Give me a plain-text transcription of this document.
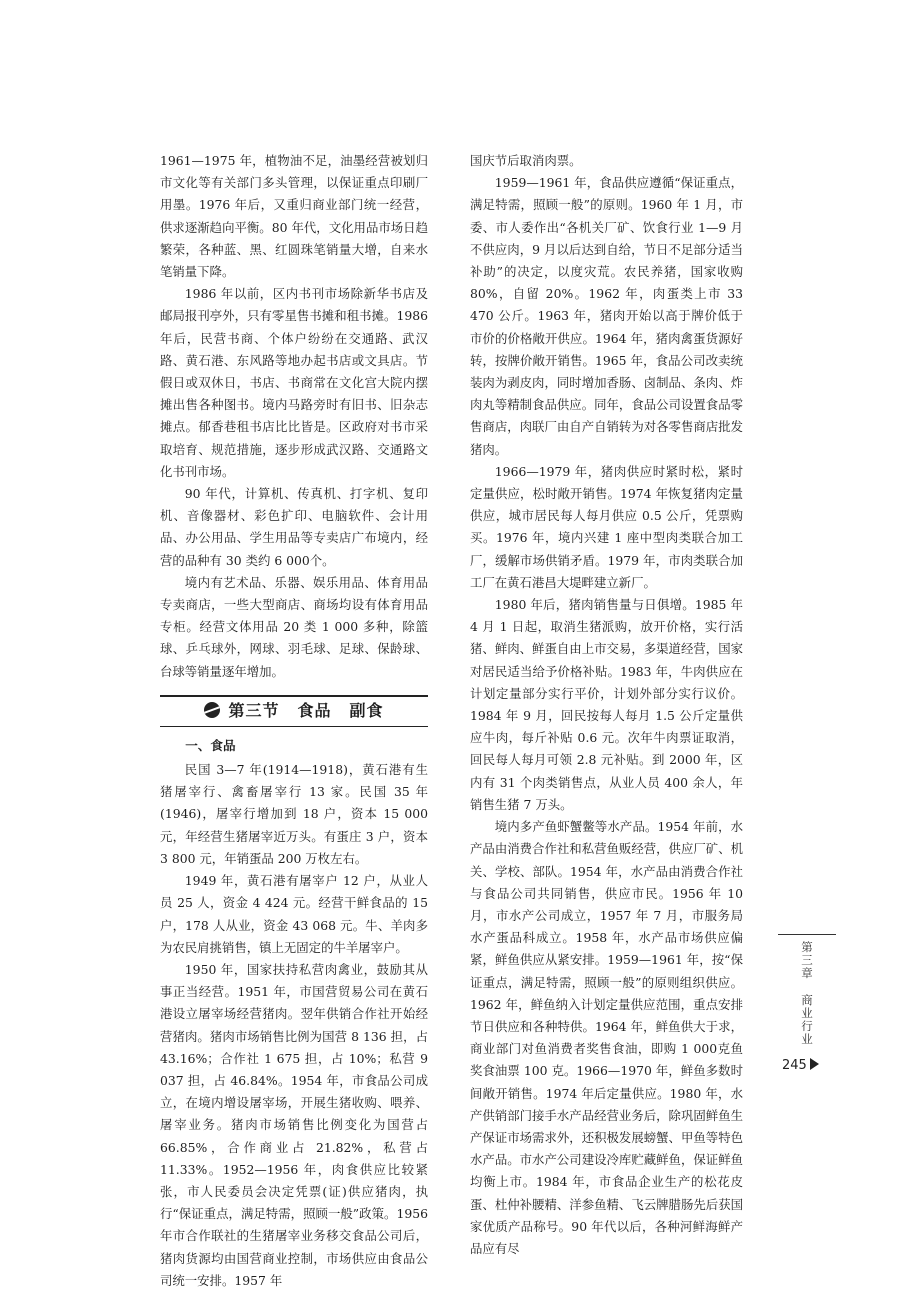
1961—1975 年，植物油不足，油墨经营被划归市文化等有关部门多头管理，以保证重点印刷厂用墨。1976 年后，又重归商业部门统一经营，供求逐渐趋向平衡。80 年代，文化用品市场日趋繁荣，各种蓝、黑、红圆珠笔销量大增，自来水笔销量下降。

1986 年以前，区内书刊市场除新华书店及邮局报刊亭外，只有零星售书摊和租书摊。1986 年后，民营书商、个体户纷纷在交通路、武汉路、黄石港、东风路等地办起书店或文具店。节假日或双休日，书店、书商常在文化宫大院内摆摊出售各种图书。境内马路旁时有旧书、旧杂志摊点。郁香巷租书店比比皆是。区政府对书市采取培育、规范措施，逐步形成武汉路、交通路文化书刊市场。

90 年代，计算机、传真机、打字机、复印机、音像器材、彩色扩印、电脑软件、会计用品、办公用品、学生用品等专卖店广布境内，经营的品种有 30 类约 6 000个。

境内有艺术品、乐器、娱乐用品、体育用品专卖商店，一些大型商店、商场均设有体育用品专柜。经营文体用品 20 类 1 000 多种，除篮球、乒乓球外，网球、羽毛球、足球、保龄球、台球等销量逐年增加。

第三节 食品 副食
一、食品

民国 3—7 年(1914—1918)，黄石港有生猪屠宰行、禽畜屠宰行 13 家。民国 35 年(1946)，屠宰行增加到 18 户，资本 15 000 元，年经营生猪屠宰近万头。有蛋庄 3 户，资本 3 800 元，年销蛋品 200 万枚左右。

1949 年，黄石港有屠宰户 12 户，从业人员 25 人，资金 4 424 元。经营干鲜食品的 15 户，178 人从业，资金 43 068 元。牛、羊肉多为农民肩挑销售，镇上无固定的牛羊屠宰户。

1950 年，国家扶持私营肉禽业，鼓励其从事正当经营。1951 年，市国营贸易公司在黄石港设立屠宰场经营猪肉。翌年供销合作社开始经营猪肉。猪肉市场销售比例为国营 8 136 担，占 43.16%；合作社 1 675 担，占 10%；私营 9 037 担，占 46.84%。1954 年，市食品公司成立，在境内增设屠宰场，开展生猪收购、喂养、屠宰业务。猪肉市场销售比例变化为国营占 66.85%，合作商业占 21.82%，私营占 11.33%。1952—1956 年，肉食供应比较紧张，市人民委员会决定凭票(证)供应猪肉，执行“保证重点，满足特需，照顾一般”政策。1956 年市合作联社的生猪屠宰业务移交食品公司后，猪肉货源均由国营商业控制，市场供应由食品公司统一安排。1957 年

国庆节后取消肉票。

1959—1961 年，食品供应遵循“保证重点，满足特需，照顾一般”的原则。1960 年 1 月，市委、市人委作出“各机关厂矿、饮食行业 1—9 月不供应肉，9 月以后达到自给，节日不足部分适当补助”的决定，以度灾荒。农民养猪，国家收购 80%，自留 20%。1962 年，肉蛋类上市 33 470 公斤。1963 年，猪肉开始以高于牌价低于市价的价格敞开供应。1964 年，猪肉禽蛋货源好转，按牌价敞开销售。1965 年，食品公司改卖统装肉为剥皮肉，同时增加香肠、卤制品、条肉、炸肉丸等精制食品供应。同年，食品公司设置食品零售商店，肉联厂由自产自销转为对各零售商店批发猪肉。

1966—1979 年，猪肉供应时紧时松，紧时定量供应，松时敞开销售。1974 年恢复猪肉定量供应，城市居民每人每月供应 0.5 公斤，凭票购买。1976 年，境内兴建 1 座中型肉类联合加工厂，缓解市场供销矛盾。1979 年，市肉类联合加工厂在黄石港昌大堤畔建立新厂。

1980 年后，猪肉销售量与日俱增。1985 年 4 月 1 日起，取消生猪派购，放开价格，实行活猪、鲜肉、鲜蛋自由上市交易，多渠道经营，国家对居民适当给予价格补贴。1983 年，牛肉供应在计划定量部分实行平价，计划外部分实行议价。1984 年 9 月，回民按每人每月 1.5 公斤定量供应牛肉，每斤补贴 0.6 元。次年牛肉票证取消，回民每人每月可领 2.8 元补贴。到 2000 年，区内有 31 个肉类销售点，从业人员 400 余人，年销售生猪 7 万头。

境内多产鱼虾蟹鳖等水产品。1954 年前，水产品由消费合作社和私营鱼贩经营，供应厂矿、机关、学校、部队。1954 年，水产品由消费合作社与食品公司共同销售，供应市民。1956 年 10 月，市水产公司成立，1957 年 7 月，市服务局水产蛋品科成立。1958 年，水产品市场供应偏紧，鲜鱼供应从紧安排。1959—1961 年，按“保证重点，满足特需，照顾一般”的原则组织供应。1962 年，鲜鱼纳入计划定量供应范围，重点安排节日供应和各种特供。1964 年，鲜鱼供大于求，商业部门对鱼消费者奖售食油，即购 1 000克鱼奖食油票 100 克。1966—1970 年，鲜鱼多数时间敞开销售。1974 年后定量供应。1980 年，水产供销部门接手水产品经营业务后，除巩固鲜鱼生产保证市场需求外，还积极发展螃蟹、甲鱼等特色水产品。市水产公司建设冷库贮藏鲜鱼，保证鲜鱼均衡上市。1984 年，市食品企业生产的松花皮蛋、杜仲补腰精、洋参鱼精、飞云牌腊肠先后获国家优质产品称号。90 年代以后，各种河鲜海鲜产品应有尽

第三章
商业行业
245
